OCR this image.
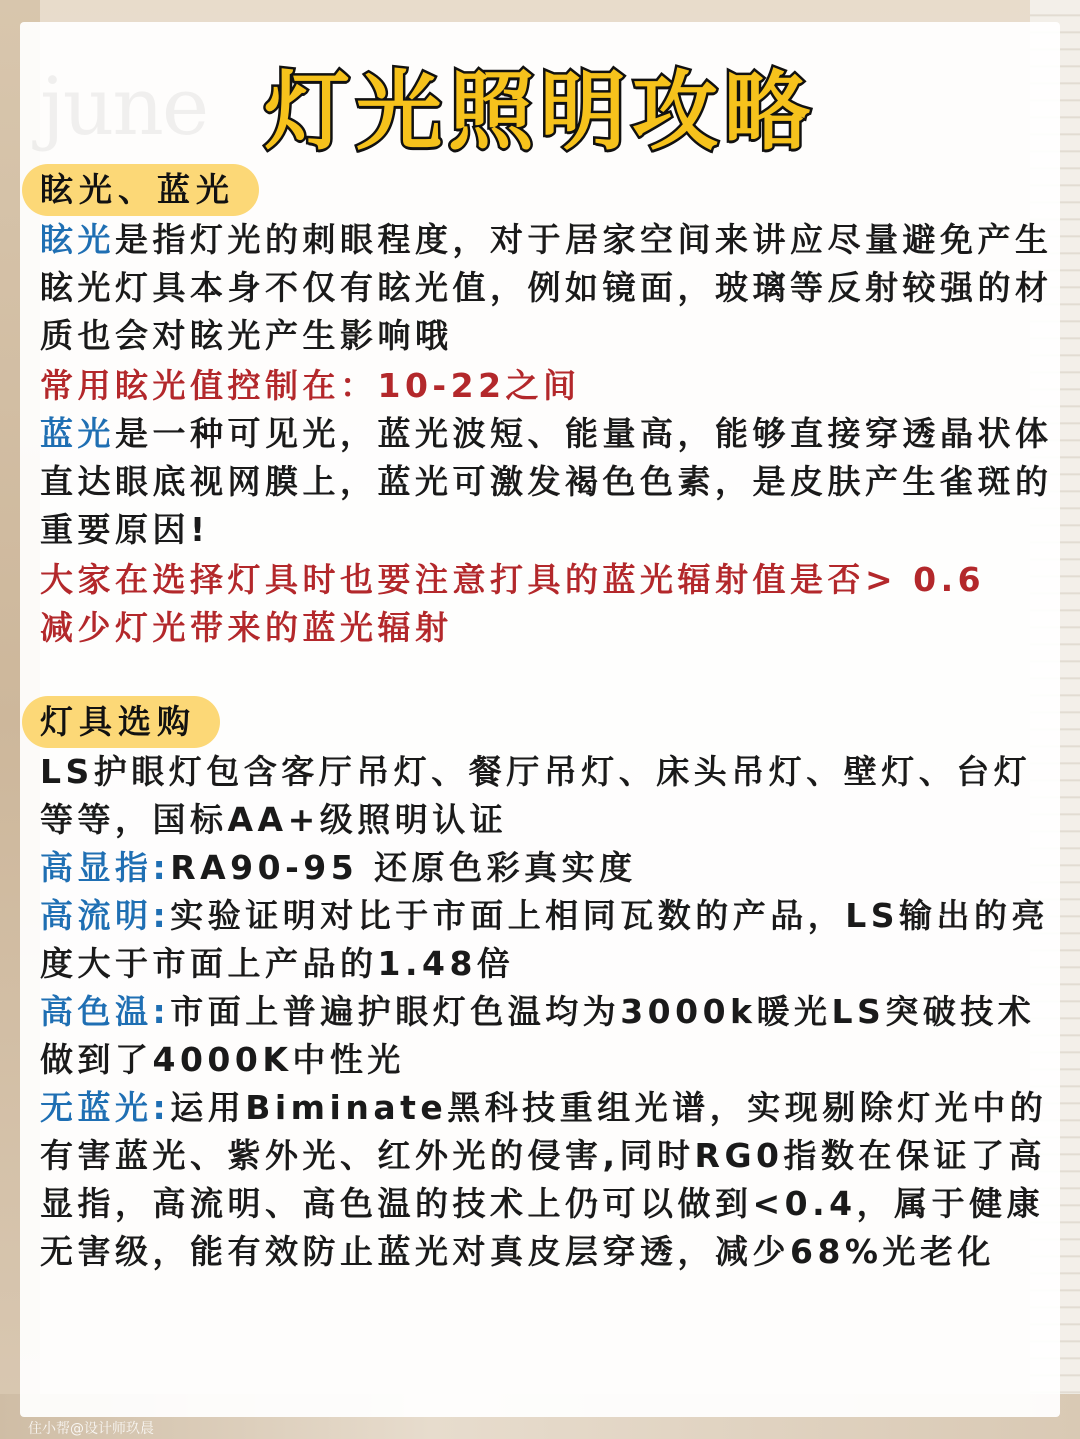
june 灯光照明攻略
眩光、蓝光

眩光是指灯光的刺眼程度，对于居家空间来讲应尽量避免产生眩光灯具本身不仅有眩光值，例如镜面，玻璃等反射较强的材质也会对眩光产生影响哦

常用眩光值控制在：10-22之间

蓝光是一种可见光，蓝光波短、能量高，能够直接穿透晶状体直达眼底视网膜上，蓝光可激发褐色色素，是皮肤产生雀斑的重要原因!

大家在选择灯具时也要注意打具的蓝光辐射值是否> 0.6减少灯光带来的蓝光辐射

灯具选购

LS护眼灯包含客厅吊灯、餐厅吊灯、床头吊灯、壁灯、台灯等等，国标AA+级照明认证

高显指:RA90-95 还原色彩真实度

高流明:实验证明对比于市面上相同瓦数的产品，LS输出的亮度大于市面上产品的1.48倍

高色温:市面上普遍护眼灯色温均为3000k暖光LS突破技术做到了4000K中性光

无蓝光:运用Biminate黑科技重组光谱，实现剔除灯光中的有害蓝光、紫外光、红外光的侵害,同时RG0指数在保证了高显指，高流明、高色温的技术上仍可以做到<0.4，属于健康无害级，能有效防止蓝光对真皮层穿透，减少68%光老化

住小帮@设计师玖晨
